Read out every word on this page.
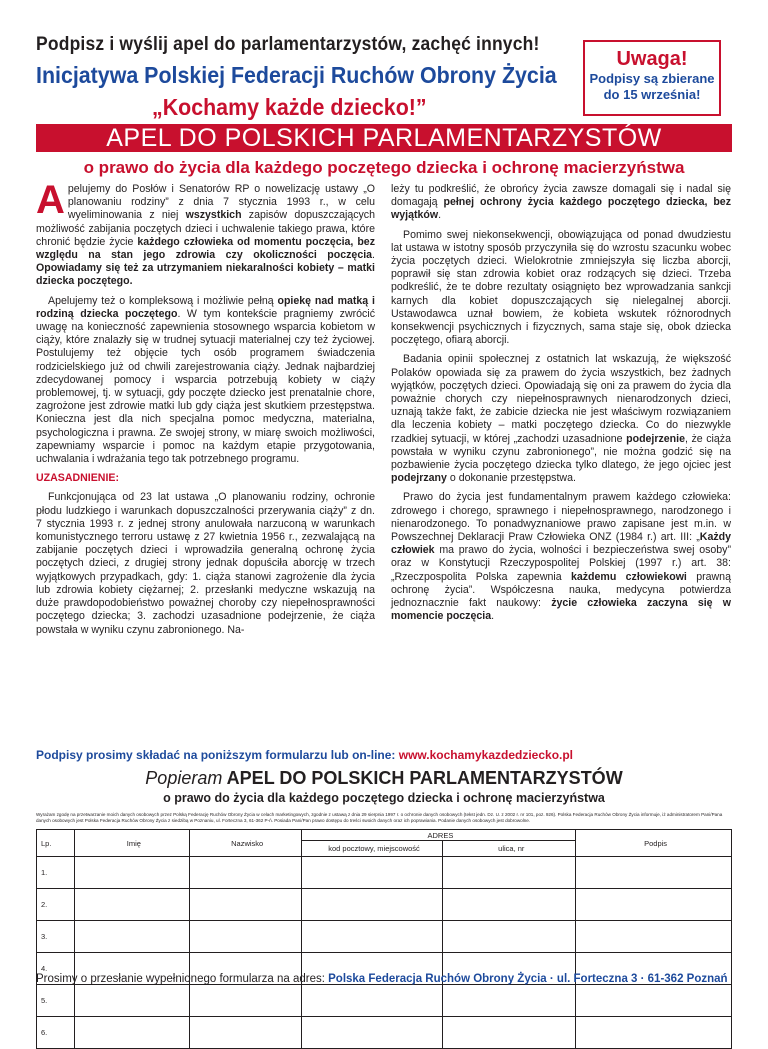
Podpisz i wyślij apel do parlamentarzystów, zachęć innych!
Inicjatywa Polskiej Federacji Ruchów Obrony Życia
„Kochamy każde dziecko!”
Uwaga!
Podpisy są zbierane
do 15 września!
APEL DO POLSKICH PARLAMENTARZYSTÓW
o prawo do życia dla każdego poczętego dziecka i ochronę macierzyństwa

Apelujemy do Posłów i Senatorów RP o nowelizację ustawy „O planowaniu rodziny” z dnia 7 stycznia 1993 r., w celu wyeliminowania z niej wszystkich zapisów dopuszczających możliwość zabijania poczętych dzieci i uchwalenie takiego prawa, które chronić będzie życie każdego człowieka od momentu poczęcia, bez względu na stan jego zdrowia czy okoliczności poczęcia. Opowiadamy się też za utrzymaniem niekaralności kobiety – matki dziecka poczętego.

Apelujemy też o kompleksową i możliwie pełną opiekę nad matką i rodziną dziecka poczętego. W tym kontekście pragniemy zwrócić uwagę na konieczność zapewnienia stosownego wsparcia kobietom w ciąży, które znalazły się w trudnej sytuacji materialnej czy też życiowej. Postulujemy też objęcie tych osób programem świadczenia rodzicielskiego już od chwili zarejestrowania ciąży. Jednak najbardziej zdecydowanej pomocy i wsparcia potrzebują kobiety w ciąży problemowej, tj. w sytuacji, gdy poczęte dziecko jest prenatalnie chore, zagrożone jest zdrowie matki lub gdy ciąża jest skutkiem przestępstwa. Konieczna jest dla nich specjalna pomoc medyczna, materialna, psychologiczna i prawna. Ze swojej strony, w miarę swoich możliwości, zapewniamy wsparcie i pomoc na każdym etapie przygotowania, uchwalania i wdrażania tego tak potrzebnego programu.

UZASADNIENIE:

Funkcjonująca od 23 lat ustawa „O planowaniu rodziny, ochronie płodu ludzkiego i warunkach dopuszczalności przerywania ciąży” z dn. 7 stycznia 1993 r. z jednej strony anulowała narzuconą w warunkach komunistycznego terroru ustawę z 27 kwietnia 1956 r., zezwalającą na zabijanie poczętych dzieci i wprowadziła generalną ochronę życia poczętych dzieci, z drugiej strony jednak dopuściła aborcję w trzech wyjątkowych przypadkach, gdy: 1. ciąża stanowi zagrożenie dla życia lub zdrowia kobiety ciężarnej; 2. przesłanki medyczne wskazują na duże prawdopodobieństwo poważnej choroby czy niepełnosprawności poczętego dziecka; 3. zachodzi uzasadnione podejrzenie, że ciąża powstała w wyniku czynu zabronionego. Na-

leży tu podkreślić, że obrońcy życia zawsze domagali się i nadal się domagają pełnej ochrony życia każdego poczętego dziecka, bez wyjątków.

Pomimo swej niekonsekwencji, obowiązująca od ponad dwudziestu lat ustawa w istotny sposób przyczyniła się do wzrostu szacunku wobec życia poczętych dzieci. Wielokrotnie zmniejszyła się liczba aborcji, poprawił się stan zdrowia kobiet oraz rodzących się dzieci. Trzeba podkreślić, że te dobre rezultaty osiągnięto bez wprowadzania sankcji karnych dla kobiet dopuszczających się nielegalnej aborcji. Ustawodawca uznał bowiem, że kobieta wskutek różnorodnych konsekwencji psychicznych i fizycznych, sama staje się, obok dziecka poczętego, ofiarą aborcji.

Badania opinii społecznej z ostatnich lat wskazują, że większość Polaków opowiada się za prawem do życia wszystkich, bez żadnych wyjątków, poczętych dzieci. Opowiadają się oni za prawem do życia dla poważnie chorych czy niepełnosprawnych nienarodzonych dzieci, uznają także fakt, że zabicie dziecka nie jest właściwym rozwiązaniem dla leczenia kobiety – matki poczętego dziecka. Co do niezwykle rzadkiej sytuacji, w której „zachodzi uzasadnione podejrzenie, że ciąża powstała w wyniku czynu zabronionego”, nie można godzić się na pozbawienie życia poczętego dziecka tylko dlatego, że jego ojciec jest podejrzany o dokonanie przestępstwa.

Prawo do życia jest fundamentalnym prawem każdego człowieka: zdrowego i chorego, sprawnego i niepełnosprawnego, narodzonego i nienarodzonego. To ponadwyznaniowe prawo zapisane jest m.in. w Powszechnej Deklaracji Praw Człowieka ONZ (1984 r.) art. III: „Każdy człowiek ma prawo do życia, wolności i bezpieczeństwa swej osoby” oraz w Konstytucji Rzeczypospolitej Polskiej (1997 r.) art. 38: „Rzeczpospolita Polska zapewnia każdemu człowiekowi prawną ochronę życia”. Współczesna nauka, medycyna potwierdza jednoznacznie fakt naukowy: życie człowieka zaczyna się w momencie poczęcia.

Podpisy prosimy składać na poniższym formularzu lub on-line: www.kochamykazdedziecko.pl
Popieram APEL DO POLSKICH PARLAMENTARZYSTÓW
o prawo do życia dla każdego poczętego dziecka i ochronę macierzyństwa
Wyrażam zgodę na przetwarzanie moich danych osobowych przez Polską Federację Ruchów Obrony Życia w celach marketingowych, zgodnie z ustawą z dnia 29 sierpnia 1997 r. o ochronie danych osobowych (tekst jedn. Dz. U. z 2002 r. nr 101, poz. 926). Polska Federacja Ruchów Obrony Życia informuje, iż administratorem Pani/Pana danych osobowych jest Polska Federacja Ruchów Obrony Życia z siedzibą w Poznaniu, ul. Forteczna 3, 61-362 P-ń. Posiada Pani/Pan prawo dostępu do treści swoich danych oraz ich poprawiania. Podanie danych osobowych jest dobrowolne.
Lp.	Imię	Nazwisko	ADRES		Podpis
			kod pocztowy, miejscowość	ulica, nr	
1.					
2.					
3.					
4.					
5.					
6.					
Prosimy o przesłanie wypełnionego formularza na adres: Polska Federacja Ruchów Obrony Życia · ul. Forteczna 3 · 61-362 Poznań
